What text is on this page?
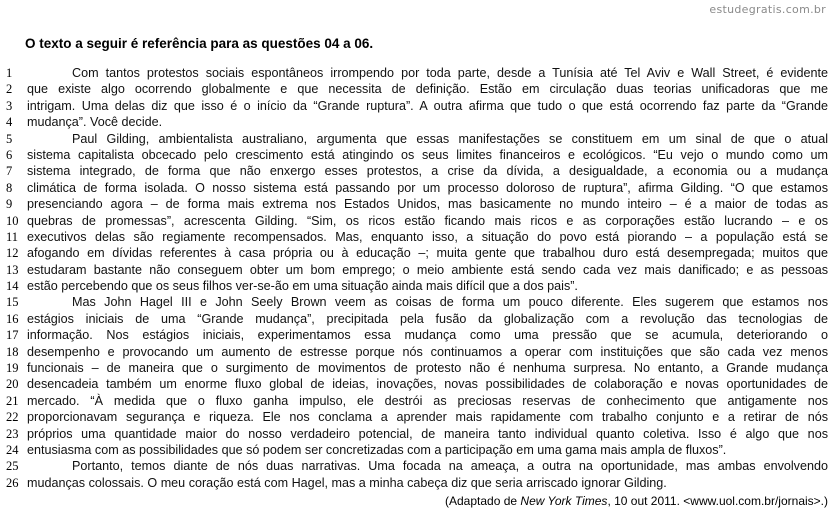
estudegratis.com.br
O texto a seguir é referência para as questões 04 a 06.
1	Com tantos protestos sociais espontâneos irrompendo por toda parte, desde a Tunísia até Tel Aviv e Wall Street, é evidente
2	que existe algo ocorrendo globalmente e que necessita de definição. Estão em circulação duas teorias unificadoras que me
3	intrigam. Uma delas diz que isso é o início da “Grande ruptura”. A outra afirma que tudo o que está ocorrendo faz parte da “Grande
4	mudança”. Você decide.
5	Paul Gilding, ambientalista australiano, argumenta que essas manifestações se constituem em um sinal de que o atual
6	sistema capitalista obcecado pelo crescimento está atingindo os seus limites financeiros e ecológicos. “Eu vejo o mundo como um
7	sistema integrado, de forma que não enxergo esses protestos, a crise da dívida, a desigualdade, a economia ou a mudança
8	climática de forma isolada. O nosso sistema está passando por um processo doloroso de ruptura”, afirma Gilding. “O que estamos
9	presenciando agora – de forma mais extrema nos Estados Unidos, mas basicamente no mundo inteiro – é a maior de todas as
10 quebras de promessas”, acrescenta Gilding. “Sim, os ricos estão ficando mais ricos e as corporações estão lucrando – e os
11 executivos delas são regiamente recompensados. Mas, enquanto isso, a situação do povo está piorando – a população está se
12 afogando em dívidas referentes à casa própria ou à educação –; muita gente que trabalhou duro está desempregada; muitos que
13 estudaram bastante não conseguem obter um bom emprego; o meio ambiente está sendo cada vez mais danificado; e as pessoas
14 estão percebendo que os seus filhos ver-se-ão em uma situação ainda mais difícil que a dos pais”.
15	Mas John Hagel III e John Seely Brown veem as coisas de forma um pouco diferente. Eles sugerem que estamos nos
16 estágios iniciais de uma “Grande mudança”, precipitada pela fusão da globalização com a revolução das tecnologias de
17 informação. Nos estágios iniciais, experimentamos essa mudança como uma pressão que se acumula, deteriorando o
18 desempenho e provocando um aumento de estresse porque nós continuamos a operar com instituições que são cada vez menos
19 funcionais – de maneira que o surgimento de movimentos de protesto não é nenhuma surpresa. No entanto, a Grande mudança
20 desencadeia também um enorme fluxo global de ideias, inovações, novas possibilidades de colaboração e novas oportunidades de
21 mercado. “À medida que o fluxo ganha impulso, ele destrói as preciosas reservas de conhecimento que antigamente nos
22 proporcionavam segurança e riqueza. Ele nos conclama a aprender mais rapidamente com trabalho conjunto e a retirar de nós
23 próprios uma quantidade maior do nosso verdadeiro potencial, de maneira tanto individual quanto coletiva. Isso é algo que nos
24 entusiasma com as possibilidades que só podem ser concretizadas com a participação em uma gama mais ampla de fluxos”.
25	Portanto, temos diante de nós duas narrativas. Uma focada na ameaça, a outra na oportunidade, mas ambas envolvendo
26 mudanças colossais. O meu coração está com Hagel, mas a minha cabeça diz que seria arriscado ignorar Gilding.
(Adaptado de New York Times, 10 out 2011. <www.uol.com.br/jornais>.)
